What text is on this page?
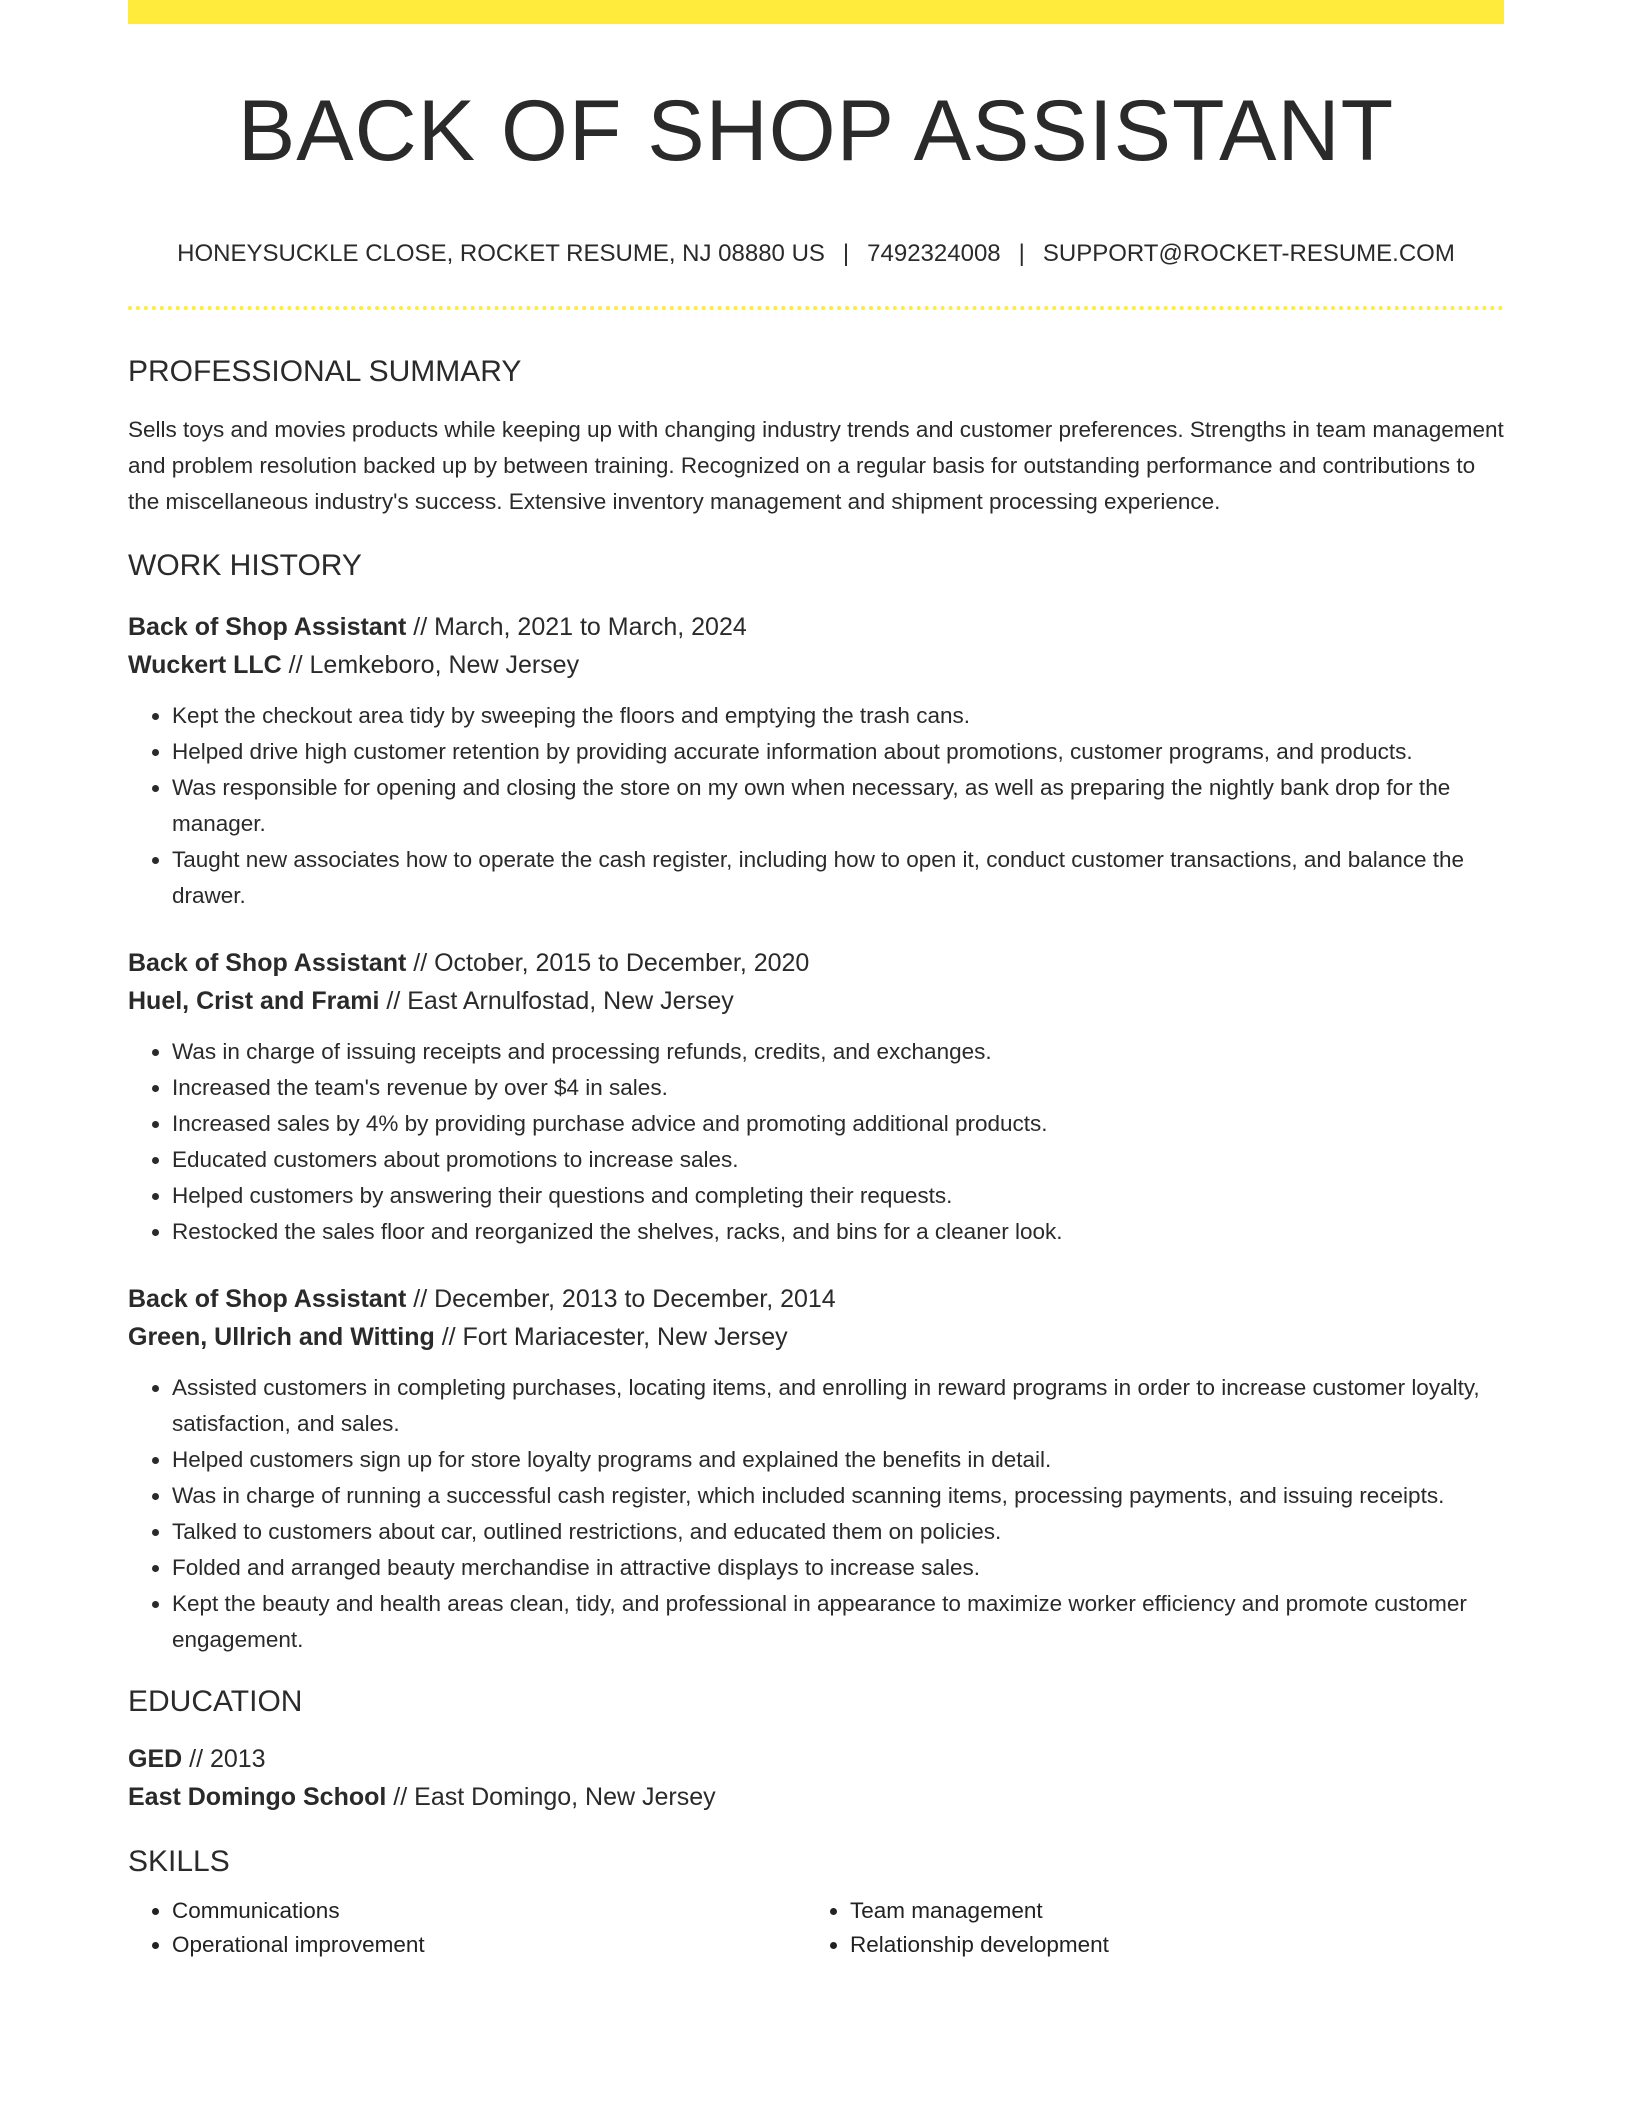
BACK OF SHOP ASSISTANT
HONEYSUCKLE CLOSE, ROCKET RESUME, NJ 08880 US | 7492324008 | SUPPORT@ROCKET-RESUME.COM
PROFESSIONAL SUMMARY

Sells toys and movies products while keeping up with changing industry trends and customer preferences. Strengths in team management and problem resolution backed up by between training. Recognized on a regular basis for outstanding performance and contributions to the miscellaneous industry's success. Extensive inventory management and shipment processing experience.

WORK HISTORY
Back of Shop Assistant // March, 2021 to March, 2024
Wuckert LLC // Lemkeboro, New Jersey
• Kept the checkout area tidy by sweeping the floors and emptying the trash cans.
• Helped drive high customer retention by providing accurate information about promotions, customer programs, and products.
• Was responsible for opening and closing the store on my own when necessary, as well as preparing the nightly bank drop for the manager.
• Taught new associates how to operate the cash register, including how to open it, conduct customer transactions, and balance the drawer.
Back of Shop Assistant // October, 2015 to December, 2020
Huel, Crist and Frami // East Arnulfostad, New Jersey
• Was in charge of issuing receipts and processing refunds, credits, and exchanges.
• Increased the team's revenue by over $4 in sales.
• Increased sales by 4% by providing purchase advice and promoting additional products.
• Educated customers about promotions to increase sales.
• Helped customers by answering their questions and completing their requests.
• Restocked the sales floor and reorganized the shelves, racks, and bins for a cleaner look.
Back of Shop Assistant // December, 2013 to December, 2014
Green, Ullrich and Witting // Fort Mariacester, New Jersey
• Assisted customers in completing purchases, locating items, and enrolling in reward programs in order to increase customer loyalty, satisfaction, and sales.
• Helped customers sign up for store loyalty programs and explained the benefits in detail.
• Was in charge of running a successful cash register, which included scanning items, processing payments, and issuing receipts.
• Talked to customers about car, outlined restrictions, and educated them on policies.
• Folded and arranged beauty merchandise in attractive displays to increase sales.
• Kept the beauty and health areas clean, tidy, and professional in appearance to maximize worker efficiency and promote customer engagement.
EDUCATION
GED // 2013
East Domingo School // East Domingo, New Jersey
SKILLS
• Communications
• Operational improvement
• Team management
• Relationship development
